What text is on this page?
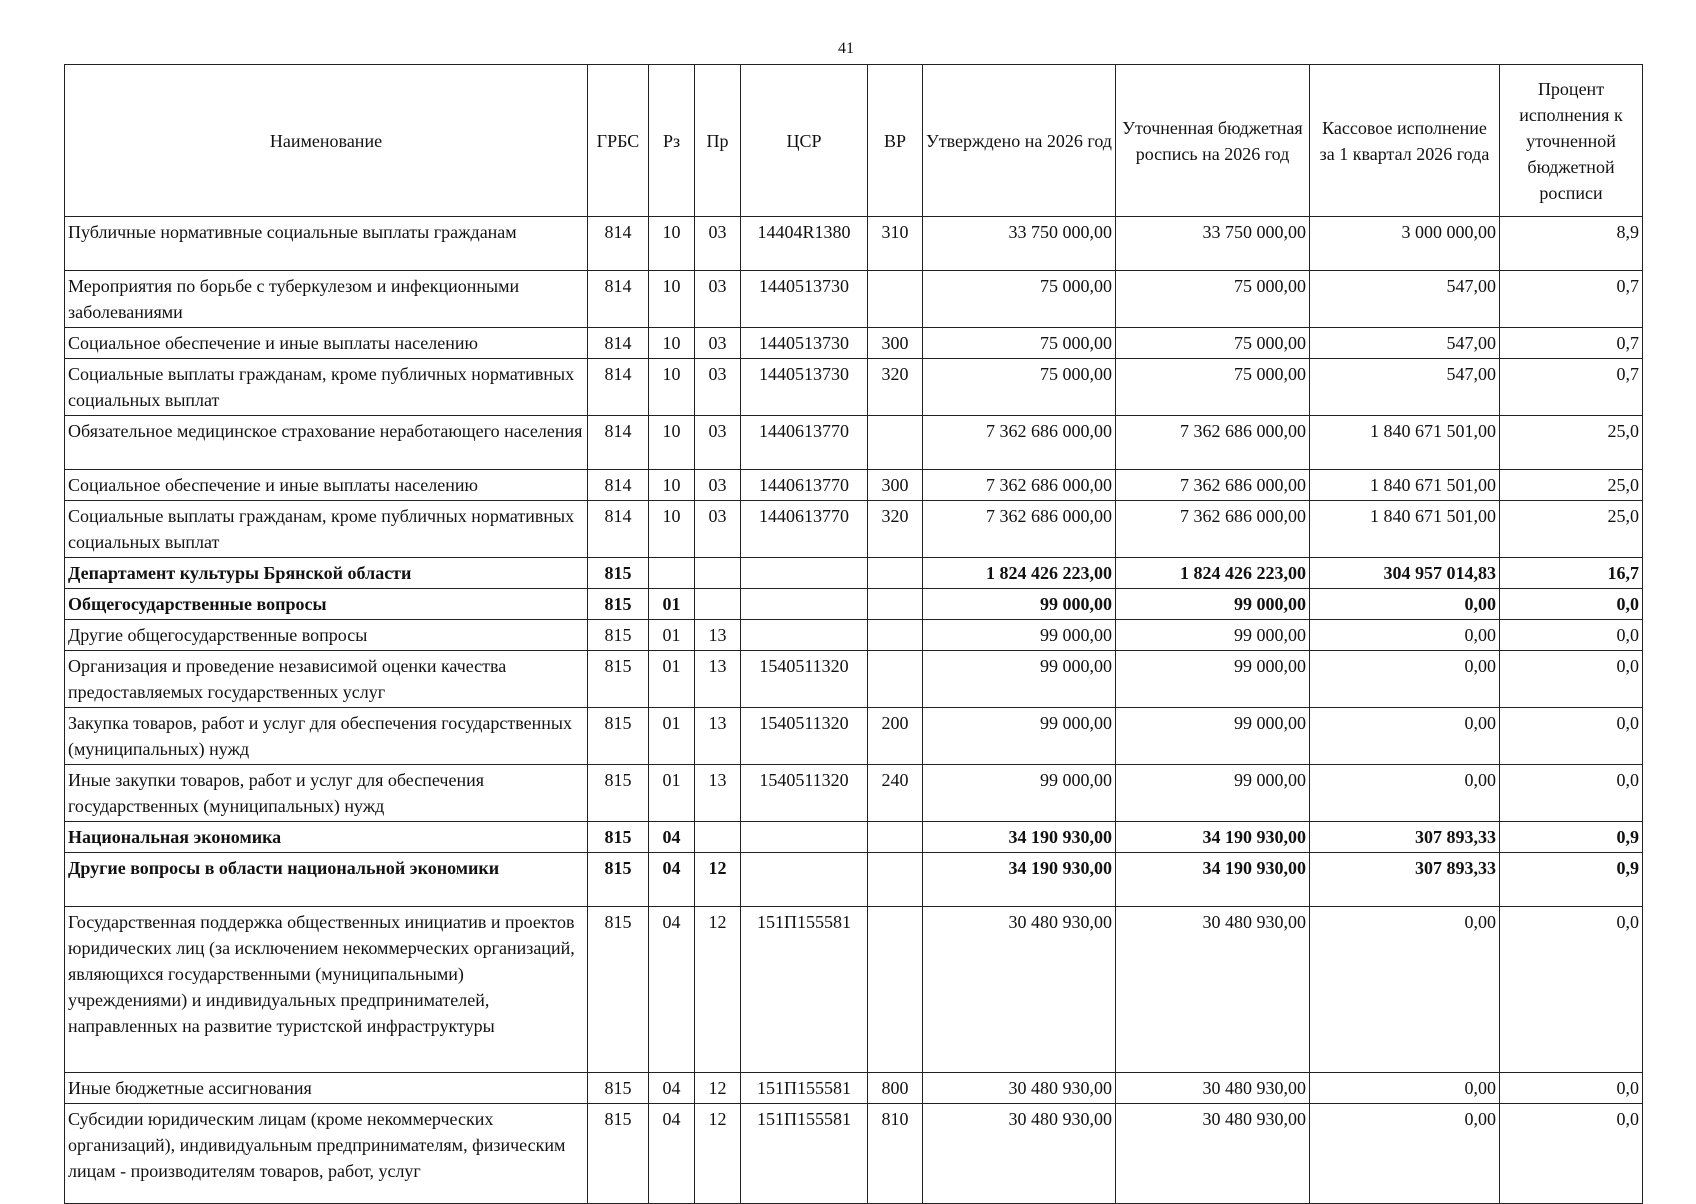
41
Наименование	ГРБС	Рз	Пр	ЦСР	ВР	Утверждено на 2026 год	Уточненная бюджетная роспись на 2026 год	Кассовое исполнение за 1 квартал 2026 года	Процент исполнения к уточненной бюджетной росписи
Публичные нормативные социальные выплаты гражданам	814	10	03	14404R1380	310	33 750 000,00	33 750 000,00	3 000 000,00	8,9
Мероприятия по борьбе с туберкулезом и инфекционными заболеваниями	814	10	03	1440513730		75 000,00	75 000,00	547,00	0,7
Социальное обеспечение и иные выплаты населению	814	10	03	1440513730	300	75 000,00	75 000,00	547,00	0,7
Социальные выплаты гражданам, кроме публичных нормативных социальных выплат	814	10	03	1440513730	320	75 000,00	75 000,00	547,00	0,7
Обязательное медицинское страхование неработающего населения	814	10	03	1440613770		7 362 686 000,00	7 362 686 000,00	1 840 671 501,00	25,0
Социальное обеспечение и иные выплаты населению	814	10	03	1440613770	300	7 362 686 000,00	7 362 686 000,00	1 840 671 501,00	25,0
Социальные выплаты гражданам, кроме публичных нормативных социальных выплат	814	10	03	1440613770	320	7 362 686 000,00	7 362 686 000,00	1 840 671 501,00	25,0
Департамент культуры Брянской области	815					1 824 426 223,00	1 824 426 223,00	304 957 014,83	16,7
Общегосударственные вопросы	815	01				99 000,00	99 000,00	0,00	0,0
Другие общегосударственные вопросы	815	01	13			99 000,00	99 000,00	0,00	0,0
Организация и проведение независимой оценки качества предоставляемых государственных услуг	815	01	13	1540511320		99 000,00	99 000,00	0,00	0,0
Закупка товаров, работ и услуг для обеспечения государственных (муниципальных) нужд	815	01	13	1540511320	200	99 000,00	99 000,00	0,00	0,0
Иные закупки товаров, работ и услуг для обеспечения государственных (муниципальных) нужд	815	01	13	1540511320	240	99 000,00	99 000,00	0,00	0,0
Национальная экономика	815	04				34 190 930,00	34 190 930,00	307 893,33	0,9
Другие вопросы в области национальной экономики	815	04	12			34 190 930,00	34 190 930,00	307 893,33	0,9
Государственная поддержка общественных инициатив и проектов юридических лиц (за исключением некоммерческих организаций, являющихся государственными (муниципальными) учреждениями) и индивидуальных предпринимателей, направленных на развитие туристской инфраструктуры	815	04	12	151П155581		30 480 930,00	30 480 930,00	0,00	0,0
Иные бюджетные ассигнования	815	04	12	151П155581	800	30 480 930,00	30 480 930,00	0,00	0,0
Субсидии юридическим лицам (кроме некоммерческих организаций), индивидуальным предпринимателям, физическим лицам - производителям товаров, работ, услуг	815	04	12	151П155581	810	30 480 930,00	30 480 930,00	0,00	0,0
